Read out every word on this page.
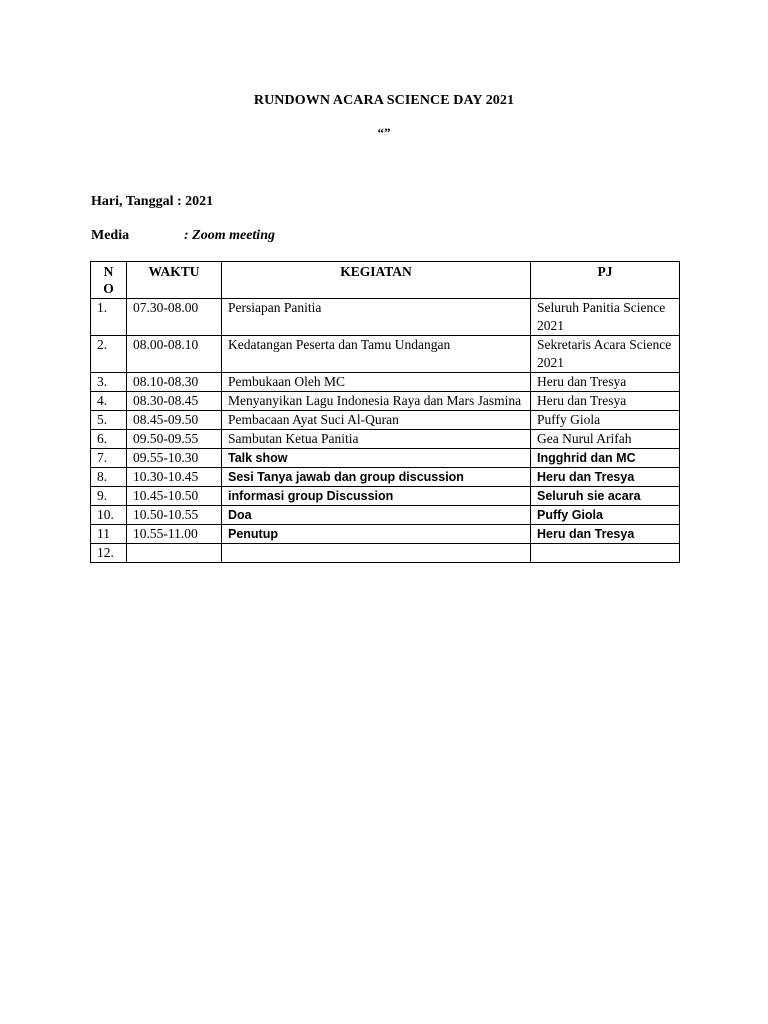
RUNDOWN ACARA SCIENCE DAY 2021
“”
Hari, Tanggal : 2021
Media	: Zoom meeting
N O	WAKTU	KEGIATAN	PJ
1.	07.30-08.00	Persiapan Panitia	Seluruh Panitia Science 2021
2.	08.00-08.10	Kedatangan Peserta dan Tamu Undangan	Sekretaris Acara Science 2021
3.	08.10-08.30	Pembukaan Oleh MC	Heru dan Tresya
4.	08.30-08.45	Menyanyikan Lagu Indonesia Raya dan Mars Jasmina	Heru dan Tresya
5.	08.45-09.50	Pembacaan Ayat Suci Al-Quran	Puffy Giola
6.	09.50-09.55	Sambutan Ketua Panitia	Gea Nurul Arifah
7.	09.55-10.30	Talk show	Ingghrid dan MC
8.	10.30-10.45	Sesi Tanya jawab dan group discussion	Heru dan Tresya
9.	10.45-10.50	informasi group Discussion	Seluruh sie acara
10.	10.50-10.55	Doa	Puffy Giola
11	10.55-11.00	Penutup	Heru dan Tresya
12.			
